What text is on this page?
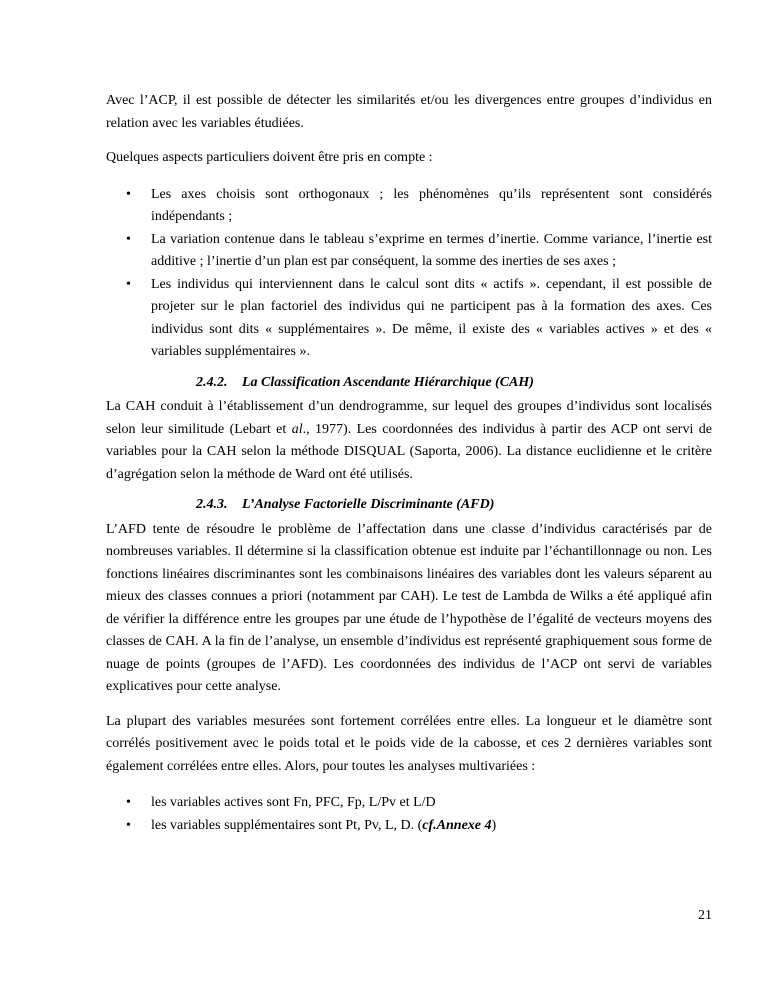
Avec l’ACP, il est possible de détecter les similarités et/ou les divergences entre groupes d’individus en relation avec les variables étudiées.

Quelques aspects particuliers doivent être pris en compte :

• Les axes choisis sont orthogonaux ; les phénomènes qu’ils représentent sont considérés indépendants ;
• La variation contenue dans le tableau s’exprime en termes d’inertie. Comme variance, l’inertie est additive ; l’inertie d’un plan est par conséquent, la somme des inerties de ses axes ;
• Les individus qui interviennent dans le calcul sont dits « actifs ». cependant, il est possible de projeter sur le plan factoriel des individus qui ne participent pas à la formation des axes. Ces individus sont dits « supplémentaires ». De même, il existe des « variables actives » et des « variables supplémentaires ».
2.4.2. La Classification Ascendante Hiérarchique (CAH)

La CAH conduit à l’établissement d’un dendrogramme, sur lequel des groupes d’individus sont localisés selon leur similitude (Lebart et al., 1977). Les coordonnées des individus à partir des ACP ont servi de variables pour la CAH selon la méthode DISQUAL (Saporta, 2006). La distance euclidienne et le critère d’agrégation selon la méthode de Ward ont été utilisés.

2.4.3. L’Analyse Factorielle Discriminante (AFD)

L’AFD tente de résoudre le problème de l’affectation dans une classe d’individus caractérisés par de nombreuses variables. Il détermine si la classification obtenue est induite par l’échantillonnage ou non. Les fonctions linéaires discriminantes sont les combinaisons linéaires des variables dont les valeurs séparent au mieux des classes connues a priori (notamment par CAH). Le test de Lambda de Wilks a été appliqué afin de vérifier la différence entre les groupes par une étude de l’hypothèse de l’égalité de vecteurs moyens des classes de CAH. A la fin de l’analyse, un ensemble d’individus est représenté graphiquement sous forme de nuage de points (groupes de l’AFD). Les coordonnées des individus de l’ACP ont servi de variables explicatives pour cette analyse.

La plupart des variables mesurées sont fortement corrélées entre elles. La longueur et le diamètre sont corrélés positivement avec le poids total et le poids vide de la cabosse, et ces 2 dernières variables sont également corrélées entre elles. Alors, pour toutes les analyses multivariées :

• les variables actives sont Fn, PFC, Fp, L/Pv et L/D
• les variables supplémentaires sont Pt, Pv, L, D. (cf.Annexe 4)
21
